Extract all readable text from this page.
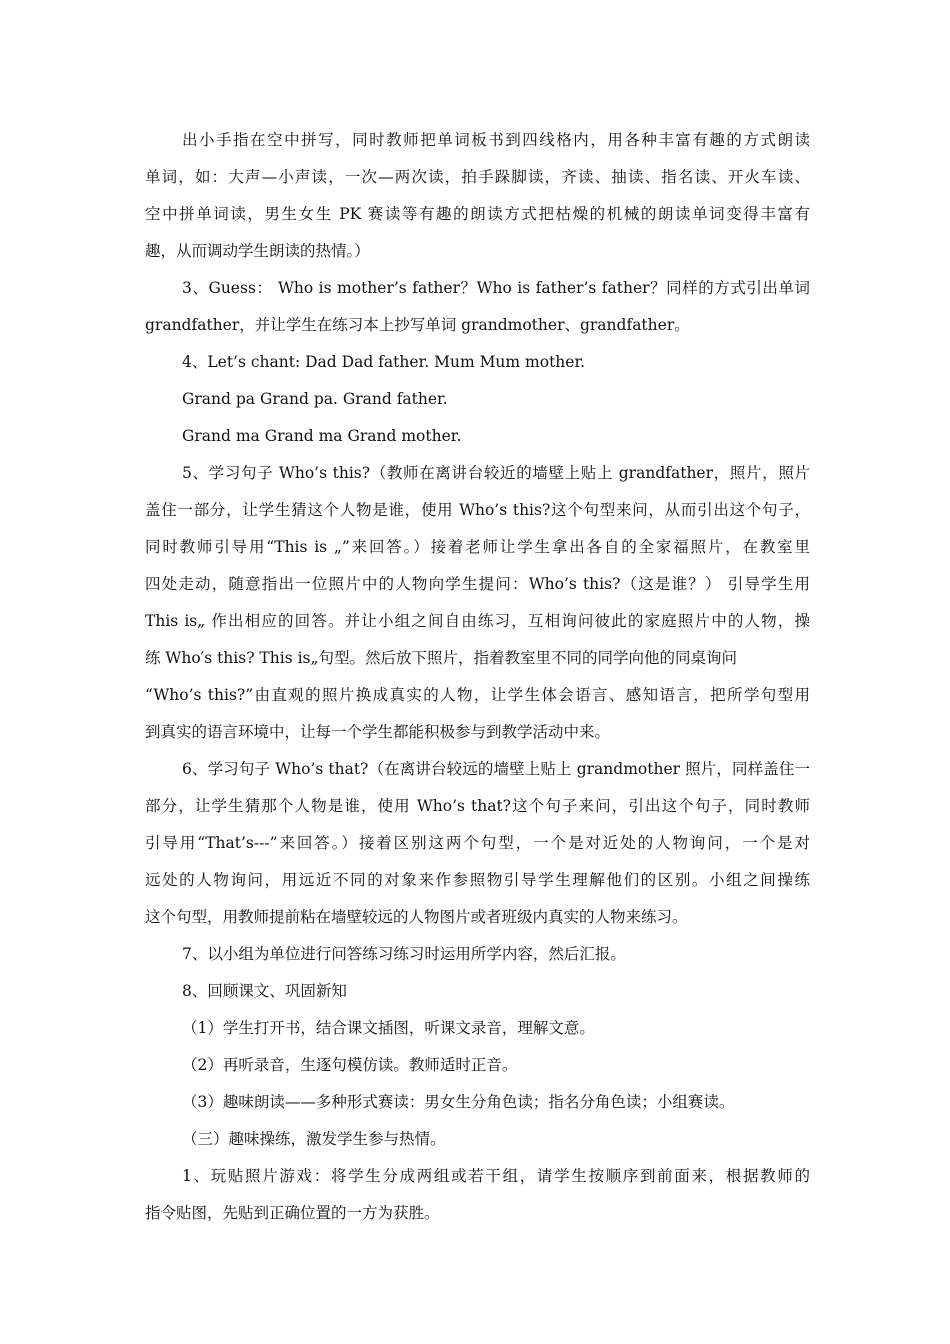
出小手指在空中拼写，同时教师把单词板书到四线格内，用各种丰富有趣的方式朗读
单词，如：大声—小声读，一次—两次读，拍手跺脚读，齐读、抽读、指名读、开火车读、
空中拼单词读，男生女生 PK 赛读等有趣的朗读方式把枯燥的机械的朗读单词变得丰富有
趣，从而调动学生朗读的热情。）
3、Guess： Who is mother’s father？Who is father’s father？同样的方式引出单词
grandfather，并让学生在练习本上抄写单词 grandmother、grandfather。
4、Let’s chant: Dad Dad father. Mum Mum mother.
Grand pa Grand pa. Grand father.
Grand ma Grand ma Grand mother.
5、学习句子 Who’s this?（教师在离讲台较近的墙壁上贴上 grandfather，照片，照片
盖住一部分，让学生猜这个人物是谁，使用 Who’s this?这个句型来问，从而引出这个句子，
同时教师引导用“This is „”来回答。）接着老师让学生拿出各自的全家福照片，在教室里
四处走动，随意指出一位照片中的人物向学生提问：Who’s this?（这是谁？） 引导学生用
This is„ 作出相应的回答。并让小组之间自由练习，互相询问彼此的家庭照片中的人物，操
练 Who′s this? This is„句型。然后放下照片，指着教室里不同的同学向他的同桌询问
“Who’s this?”由直观的照片换成真实的人物，让学生体会语言、感知语言，把所学句型用
到真实的语言环境中，让每一个学生都能积极参与到教学活动中来。
6、学习句子 Who’s that?（在离讲台较远的墙壁上贴上 grandmother 照片，同样盖住一
部分，让学生猜那个人物是谁，使用 Who’s that?这个句子来问，引出这个句子，同时教师
引导用“That’s---”来回答。）接着区别这两个句型，一个是对近处的人物询问，一个是对
远处的人物询问，用远近不同的对象来作参照物引导学生理解他们的区别。小组之间操练
这个句型，用教师提前粘在墙壁较远的人物图片或者班级内真实的人物来练习。
7、以小组为单位进行问答练习练习时运用所学内容，然后汇报。
8、回顾课文、巩固新知
（1）学生打开书，结合课文插图，听课文录音，理解文意。
（2）再听录音，生逐句模仿读。教师适时正音。
（3）趣味朗读——多种形式赛读：男女生分角色读；指名分角色读；小组赛读。
（三）趣味操练，激发学生参与热情。
1、玩贴照片游戏：将学生分成两组或若干组，请学生按顺序到前面来，根据教师的
指令贴图，先贴到正确位置的一方为获胜。
